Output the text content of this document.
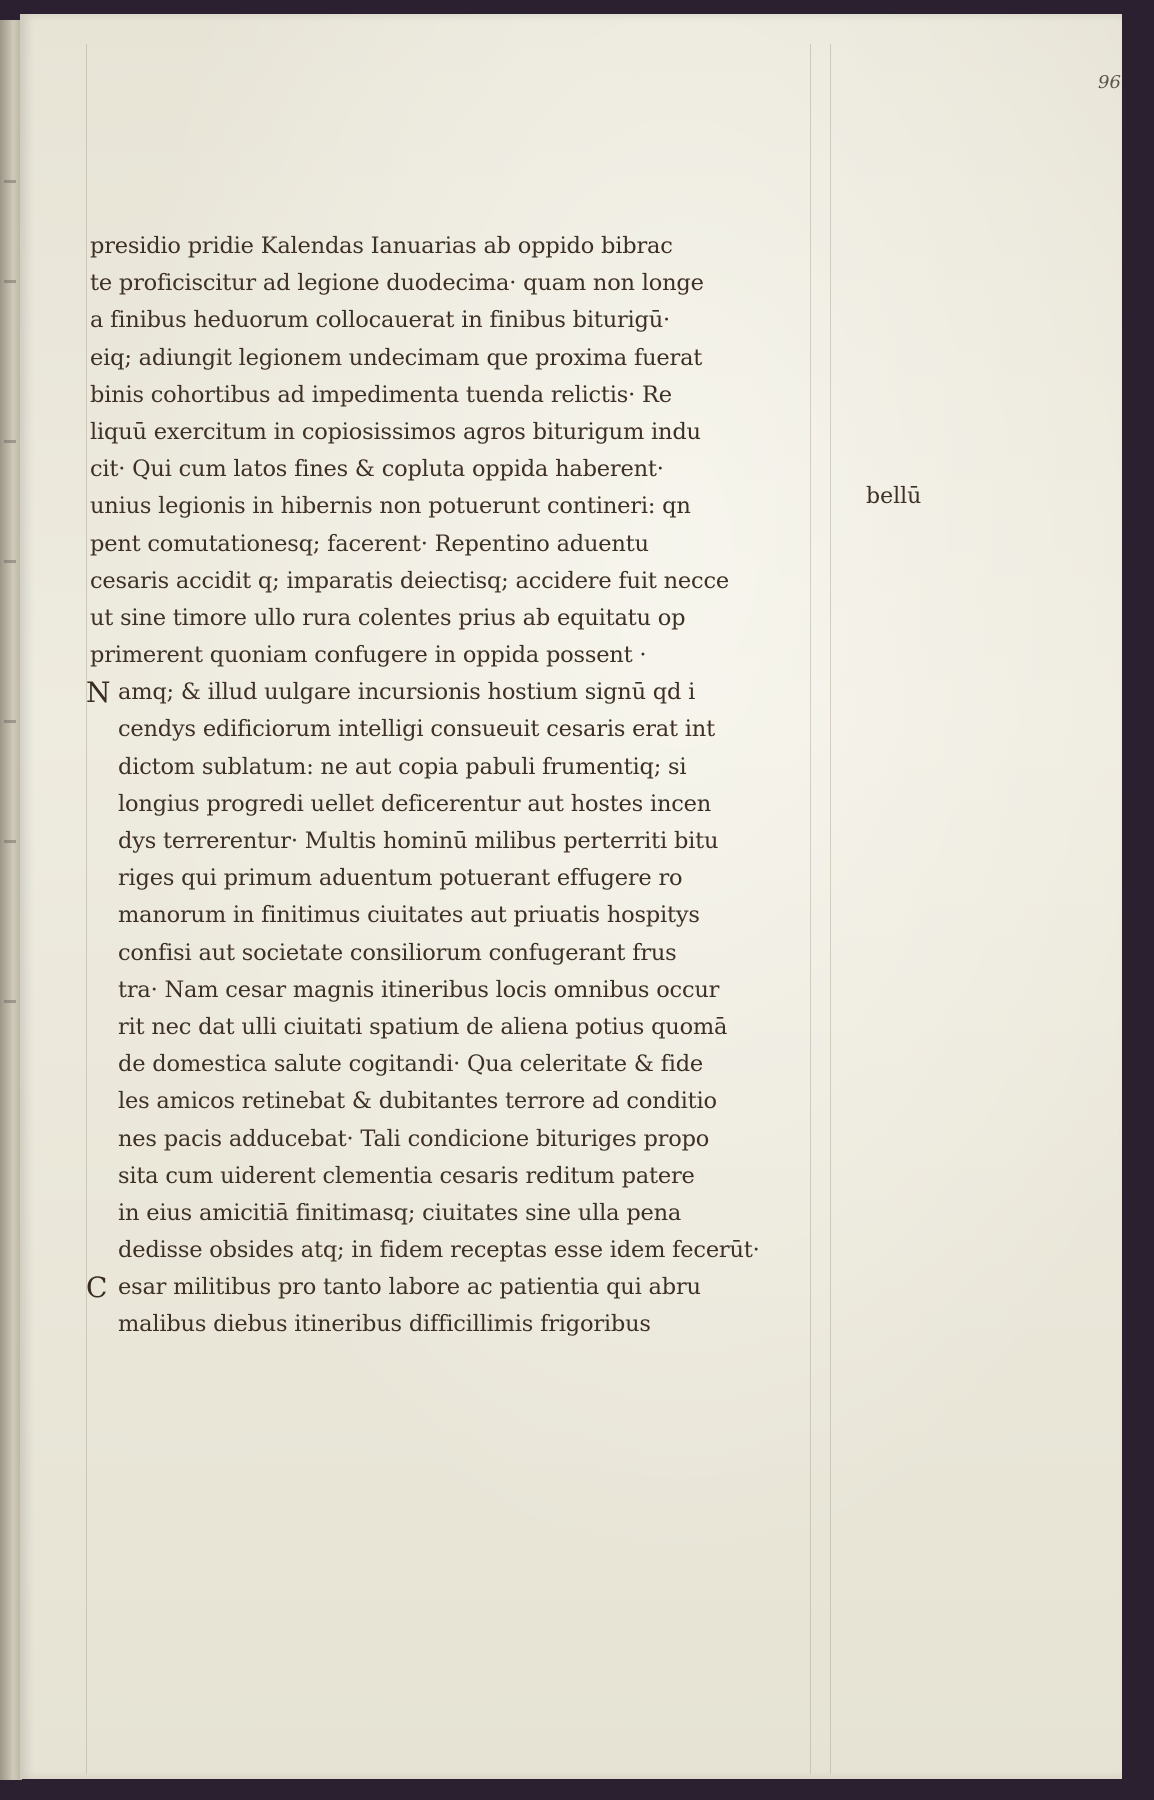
96
bellū
presidio pridie Kalendas Ianuarias ab oppido bibrac
te proficiscitur ad legione duodecima· quam non longe
a finibus heduorum collocauerat in finibus biturigū·
eiq; adiungit legionem undecimam que proxima fuerat
binis cohortibus ad impedimenta tuenda relictis· Re
liquū exercitum in copiosissimos agros biturigum indu
cit· Qui cum latos fines & copluta oppida haberent·
unius legionis in hibernis non potuerunt contineri: qn
pent comutationesq; facerent· Repentino aduentu
cesaris accidit q; imparatis deiectisq; accidere fuit necce
ut sine timore ullo rura colentes prius ab equitatu op
primerent quoniam confugere in oppida possent ·
N amq; & illud uulgare incursionis hostium signū qd i
cendys edificiorum intelligi consueuit cesaris erat int
dictom sublatum: ne aut copia pabuli frumentiq; si
longius progredi uellet deficerentur aut hostes incen
dys terrerentur· Multis hominū milibus perterriti bitu
riges qui primum aduentum potuerant effugere ro
manorum in finitimus ciuitates aut priuatis hospitys
confisi aut societate consiliorum confugerant frus
tra· Nam cesar magnis itineribus locis omnibus occur
rit nec dat ulli ciuitati spatium de aliena potius quomā
de domestica salute cogitandi· Qua celeritate & fide
les amicos retinebat & dubitantes terrore ad conditio
nes pacis adducebat· Tali condicione bituriges propo
sita cum uiderent clementia cesaris reditum patere
in eius amicitiā finitimasq; ciuitates sine ulla pena
dedisse obsides atq; in fidem receptas esse idem fecerūt·
C esar militibus pro tanto labore ac patientia qui abru
malibus diebus itineribus difficillimis frigoribus
